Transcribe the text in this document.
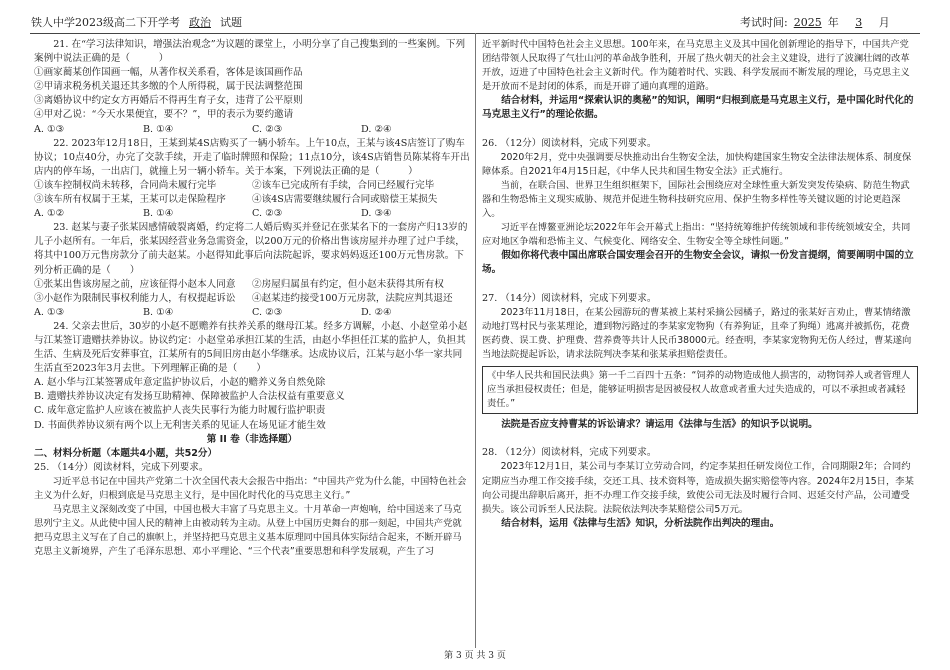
铁人中学2023级高二下开学考 政治 试题	考试时间: 2025 年 3 月

21. 在“学习法律知识，增强法治观念”为议题的课堂上，小明分享了自己搜集到的一些案例。下列案例中说法正确的是（　　　）

①画家蔺某创作国画一幅，从著作权关系看，客体是该国画作品

②甲请求税务机关退还其多缴的个人所得税，属于民法调整范围

③离婚协议中约定女方再婚后不得再生育子女，违背了公平原则

④甲对乙说：“今天水果便宜，要不？”，甲的表示为要约邀请

A. ①③	B. ①④	C. ②③	D. ②④

22. 2023年12月18日，王某到某4S店购买了一辆小轿车。上午10点，王某与该4S店签订了购车协议；10点40分，办完了交款手续，开走了临时牌照和保险；11点10分，该4S店销售员陈某将车开出店内的停车场，一出店门，就撞上另一辆小轿车。关于本案，下列说法正确的是（　　　）

①该车控制权尚未转移，合同尚未履行完毕	②该车已完成所有手续，合同已经履行完毕

③该车所有权属于王某，王某可以走保险程序	④该4S店需要继续履行合同或赔偿王某损失

A. ①②	B. ①④	C. ②③	D. ③④

23. 赵某与妻子张某因感情破裂离婚，约定将二人婚后购买并登记在张某名下的一套房产归13岁的儿子小赵所有。一年后，张某因经营业务急需资金，以200万元的价格出售该房屋并办理了过户手续，将其中100万元售房款分了前夫赵某。小赵得知此事后向法院起诉，要求妈妈返还100万元售房款。下列分析正确的是（　　）

①张某出售该房屋之前，应该征得小赵本人同意	②房屋归属虽有约定，但小赵未获得其所有权

③小赵作为限制民事权利能力人，有权提起诉讼	④赵某违约接受100万元房款，法院应判其退还

A. ①③	B. ①④	C. ②③	D. ②④

24. 父亲去世后，30岁的小赵不愿赡养有扶养关系的继母江某。经多方调解，小赵、小赵堂弟小赵与江某签订遗赠扶养协议。协议约定：小赵堂弟承担江某的生活，由赵小华担任江某的监护人，负担其生活、生病及死后安葬事宜，江某所有的5间旧房由赵小华继承。达成协议后，江某与赵小华一家共同生活直至2023年3月去世。下列理解正确的是（　　）

A. 赵小华与江某签署成年意定监护协议后，小赵的赡养义务自然免除

B. 遗赠扶养协议决定有发扬互助精神、保障被监护人合法权益有重要意义

C. 成年意定监护人应该在被监护人丧失民事行为能力时履行监护职责

D. 书面供养协议须有两个以上无利害关系的见证人在场见证才能生效

第 II 卷（非选择题）

二、材料分析题（本题共4小题，共52分）

25. （14分）阅读材料，完成下列要求。

习近平总书记在中国共产党第二十次全国代表大会报告中指出：“中国共产党为什么能，中国特色社会主义为什么好，归根到底是马克思主义行，是中国化时代化的马克思主义行。”

马克思主义深刻改变了中国，中国也极大丰富了马克思主义。十月革命一声炮响，给中国送来了马克思列宁主义。从此使中国人民的精神上由被动转为主动。从登上中国历史舞台的那一刻起，中国共产党就把马克思主义写在了自己的旗帜上，并坚持把马克思主义基本原理同中国具体实际结合起来，不断开辟马克思主义新境界，产生了毛泽东思想、邓小平理论、“三个代表”重要思想和科学发展观，产生了习

近平新时代中国特色社会主义思想。100年来，在马克思主义及其中国化创新理论的指导下，中国共产党团结带领人民取得了气壮山河的革命战争胜利，开展了热火朝天的社会主义建设，进行了波澜壮阔的改革开放，迈进了中国特色社会主义新时代。作为随着时代、实践、科学发展而不断发展的理论，马克思主义是开放而不是封闭的体系，而是开辟了通向真理的道路。

结合材料，并运用“探索认识的奥秘”的知识，阐明“归根到底是马克思主义行，是中国化时代化的马克思主义行”的理论依据。

26. （12分）阅读材料，完成下列要求。

2020年2月，党中央强调要尽快推动出台生物安全法，加快构建国家生物安全法律法规体系、制度保障体系。自2021年4月15日起，《中华人民共和国生物安全法》正式施行。

当前，在联合国、世界卫生组织框架下，国际社会围绕应对全球性重大新发突发传染病、防范生物武器和生物恐怖主义现实威胁、规范并促进生物科技研究应用、保护生物多样性等关键议题的讨论更趋深入。

习近平在博鳌亚洲论坛2022年年会开幕式上指出：“坚持统筹维护传统领域和非传统领域安全，共同应对地区争端和恐怖主义、气候变化、网络安全、生物安全等全球性问题。”

假如你将代表中国出席联合国安理会召开的生物安全会议，请拟一份发言提纲，简要阐明中国的立场。

27. （14分）阅读材料，完成下列要求。

2023年11月18日，在某公园游玩的曹某被上某村采摘公园橘子，路过的张某好言劝止，曹某情绪激动地打骂村民与张某理论，遭到物污路过的李某家宠物狗（有养狗证，且牵了狗绳）逃离并被抓伤，花费医药费、误工费、护理费、营养费等共计人民币38000元。经查明，李某家宠物狗无伤人经过，曹某遂向当地法院提起诉讼，请求法院判决李某和张某承担赔偿责任。

《中华人民共和国民法典》第一千二百四十五条：“饲养的动物造成他人损害的，动物饲养人或者管理人应当承担侵权责任；但是，能够证明损害是因被侵权人故意或者重大过失造成的，可以不承担或者减轻责任。”

法院是否应支持曹某的诉讼请求？请运用《法律与生活》的知识予以说明。

28. （12分）阅读材料，完成下列要求。

2023年12月1日，某公司与李某订立劳动合同，约定李某担任研发岗位工作，合同期限2年；合同约定期应当办理工作交接手续，交还工具、技术资料等，造成损失据实赔偿等内容。2024年2月15日，李某向公司提出辞职后离开，拒不办理工作交接手续，致使公司无法及时履行合同、迟延交付产品，公司遭受损失。该公司诉至人民法院。法院依法判决李某赔偿公司5万元。

结合材料，运用《法律与生活》知识，分析法院作出判决的理由。

第 3 页 共 3 页
